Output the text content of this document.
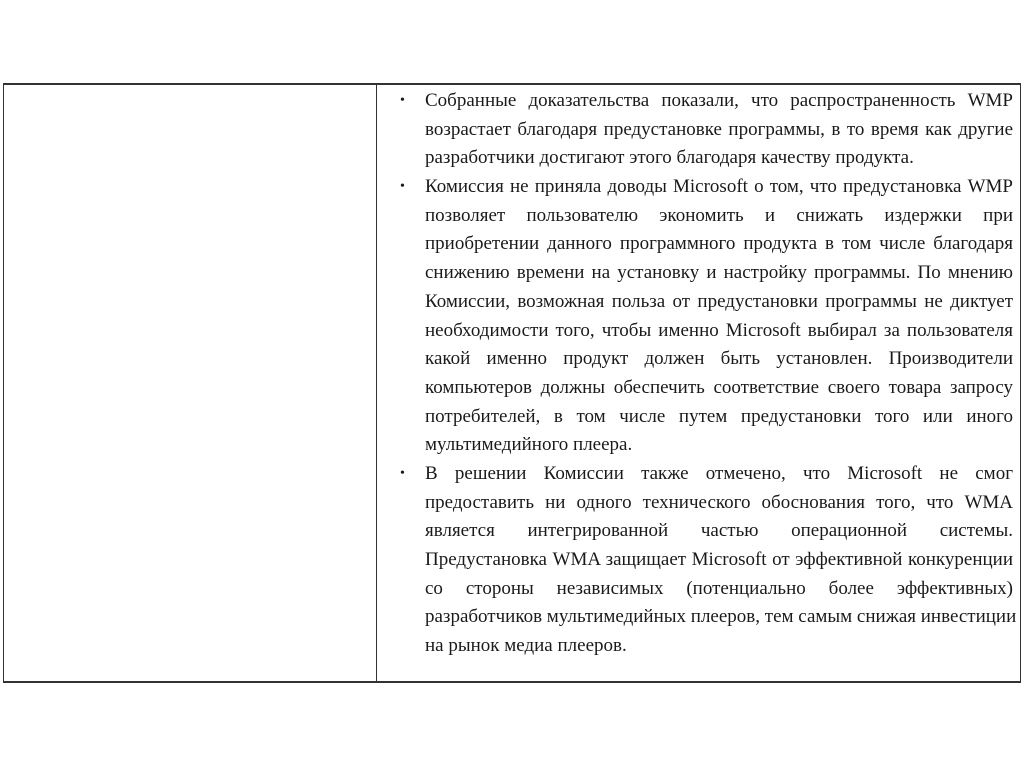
• Собранные доказательства показали, что распространенность WMP
возрастает благодаря предустановке программы, в то время как другие
разработчики достигают этого благодаря качеству продукта.
• Комиссия не приняла доводы Microsoft о том, что предустановка WMP
позволяет пользователю экономить и снижать издержки при
приобретении данного программного продукта в том числе благодаря
снижению времени на установку и настройку программы. По мнению
Комиссии, возможная польза от предустановки программы не диктует
необходимости того, чтобы именно Microsoft выбирал за пользователя
какой именно продукт должен быть установлен. Производители
компьютеров должны обеспечить соответствие своего товара запросу
потребителей, в том числе путем предустановки того или иного
мультимедийного плеера.
• В решении Комиссии также отмечено, что Microsoft не смог
предоставить ни одного технического обоснования того, что WMA
является интегрированной частью операционной системы.
Предустановка WMA защищает Microsoft от эффективной конкуренции
со стороны независимых (потенциально более эффективных)
разработчиков мультимедийных плееров, тем самым снижая инвестиции
на рынок медиа плееров.
